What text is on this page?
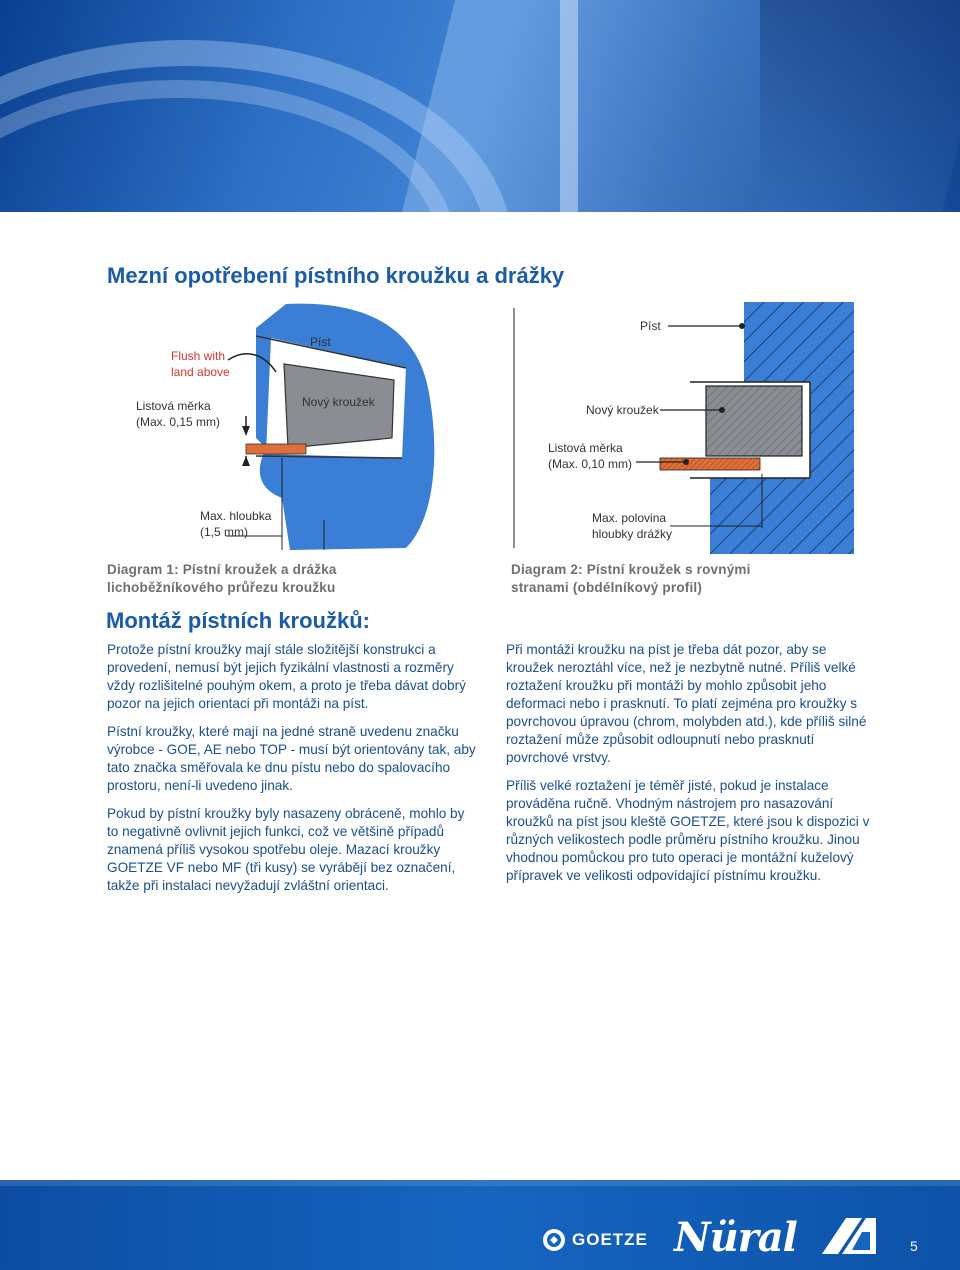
Mezní opotřebení pístního kroužku a drážky
Flush with
land above
Píst
Listová měrka
(Max. 0,15 mm)
Nový kroužek
Max. hloubka
(1,5 mm)
Diagram 1: Pístní kroužek a drážka
lichoběžníkového průřezu kroužku
Píst
Nový kroužek
Listová měrka
(Max. 0,10 mm)
Max. polovina
hloubky drážky
Diagram 2: Pístní kroužek s rovnými
stranami (obdélníkový profil)
Montáž pístních kroužků:

Protože pístní kroužky mají stále složitější konstrukci a provedení, nemusí být jejich fyzikální vlastnosti a rozměry vždy rozlišitelné pouhým okem, a proto je třeba dávat dobrý pozor na jejich orientaci při montáži na píst.

Pístní kroužky, které mají na jedné straně uvedenu značku výrobce - GOE, AE nebo TOP - musí být orientovány tak, aby tato značka směřovala ke dnu pístu nebo do spalovacího prostoru, není-li uvedeno jinak.

Pokud by pístní kroužky byly nasazeny obráceně, mohlo by to negativně ovlivnit jejich funkci, což ve většině případů znamená příliš vysokou spotřebu oleje. Mazací kroužky GOETZE VF nebo MF (tři kusy) se vyrábějí bez označení, takže při instalaci nevyžadují zvláštní orientaci.

Při montáži kroužku na píst je třeba dát pozor, aby se kroužek neroztáhl více, než je nezbytně nutné. Příliš velké roztažení kroužku při montáži by mohlo způsobit jeho deformaci nebo i prasknutí. To platí zejména pro kroužky s povrchovou úpravou (chrom, molybden atd.), kde příliš silné roztažení může způsobit odloupnutí nebo prasknutí povrchové vrstvy.

Příliš velké roztažení je téměř jisté, pokud je instalace prováděna ručně. Vhodným nástrojem pro nasazování kroužků na píst jsou kleště GOETZE, které jsou k dispozici v různých velikostech podle průměru pístního kroužku. Jinou vhodnou pomůckou pro tuto operaci je montážní kuželový přípravek ve velikosti odpovídající pístnímu kroužku.

GOETZE Nüral	5
